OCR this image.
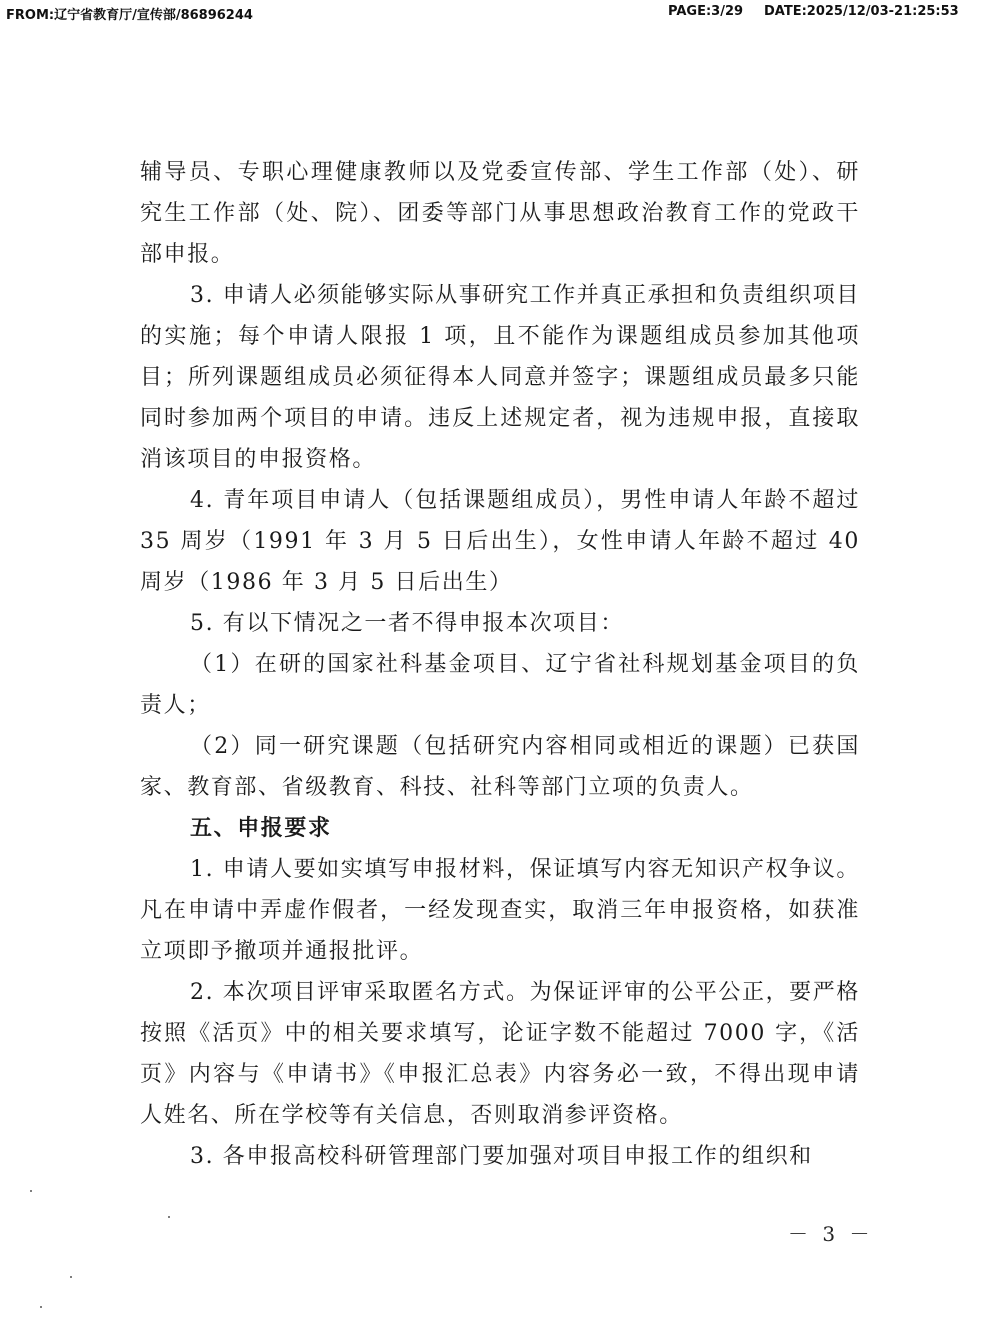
FROM:辽宁省教育厅/宣传部/86896244	PAGE:3/29 DATE:2025/12/03-21:25:53

辅导员、专职心理健康教师以及党委宣传部、学生工作部（处）、研究生工作部（处、院）、团委等部门从事思想政治教育工作的党政干部申报。

3. 申请人必须能够实际从事研究工作并真正承担和负责组织项目的实施；每个申请人限报 1 项，且不能作为课题组成员参加其他项目；所列课题组成员必须征得本人同意并签字；课题组成员最多只能同时参加两个项目的申请。违反上述规定者，视为违规申报，直接取消该项目的申报资格。

4. 青年项目申请人（包括课题组成员），男性申请人年龄不超过 35 周岁（1991 年 3 月 5 日后出生），女性申请人年龄不超过 40 周岁（1986 年 3 月 5 日后出生）

5. 有以下情况之一者不得申报本次项目：

（1）在研的国家社科基金项目、辽宁省社科规划基金项目的负责人；

（2）同一研究课题（包括研究内容相同或相近的课题）已获国家、教育部、省级教育、科技、社科等部门立项的负责人。

五、申报要求

1. 申请人要如实填写申报材料，保证填写内容无知识产权争议。凡在申请中弄虚作假者，一经发现查实，取消三年申报资格，如获准立项即予撤项并通报批评。

2. 本次项目评审采取匿名方式。为保证评审的公平公正，要严格按照《活页》中的相关要求填写，论证字数不能超过 7000 字，《活页》内容与《申请书》《申报汇总表》内容务必一致，不得出现申请人姓名、所在学校等有关信息，否则取消参评资格。

3. 各申报高校科研管理部门要加强对项目申报工作的组织和

－ 3 －
